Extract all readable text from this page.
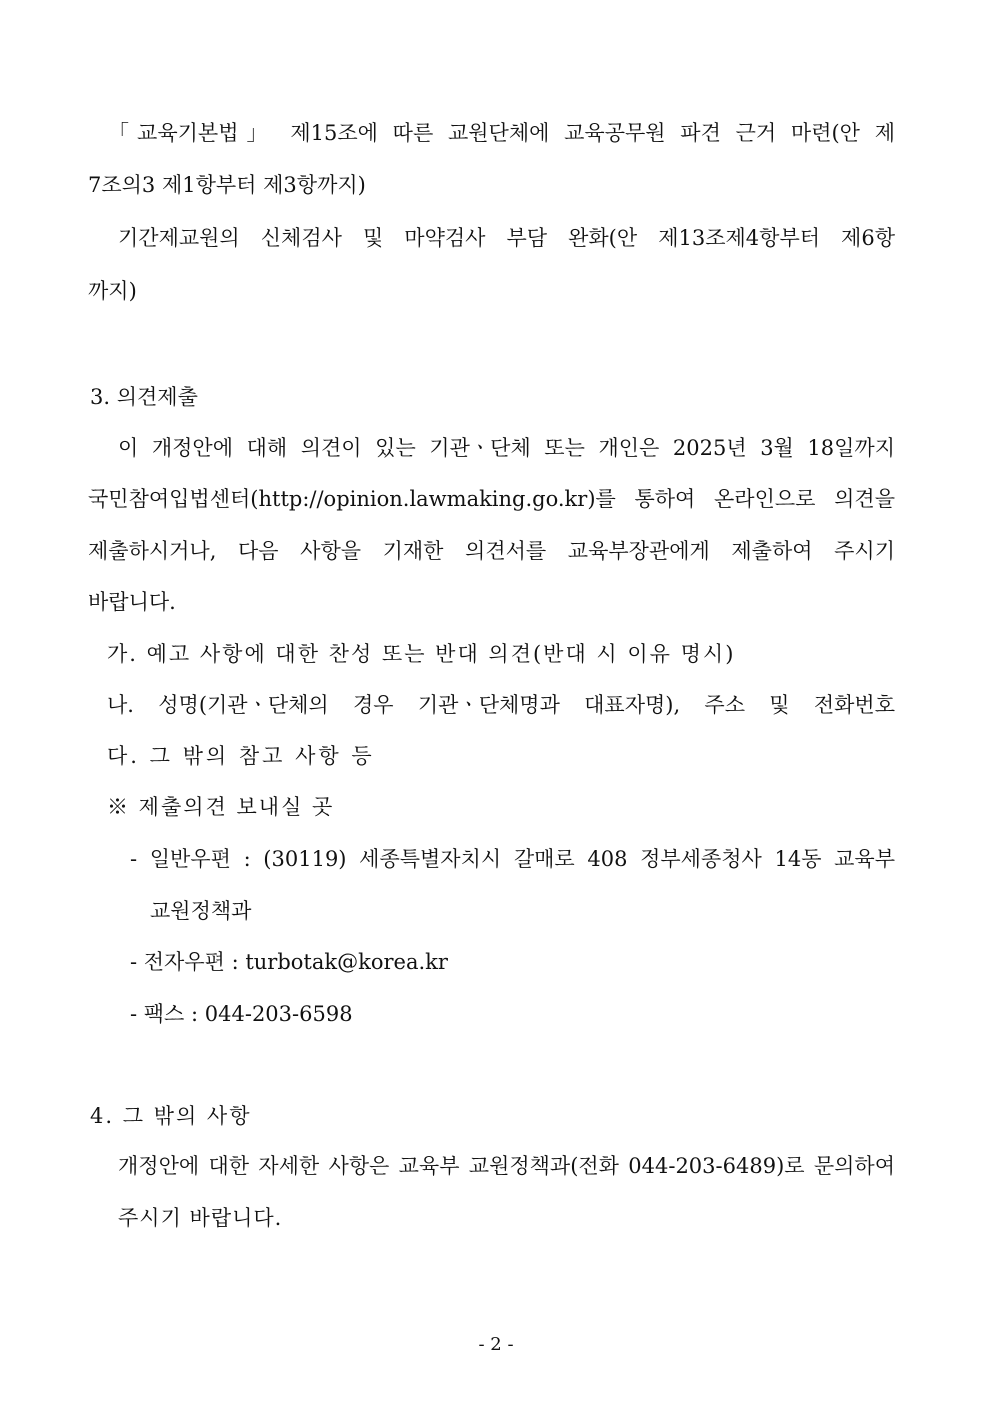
「교육기본법」 제15조에 따른 교원단체에 교육공무원 파견 근거 마련(안 제
7조의3 제1항부터 제3항까지)
기간제교원의 신체검사 및 마약검사 부담 완화(안 제13조제4항부터 제6항
까지)
3. 의견제출
이 개정안에 대해 의견이 있는 기관ㆍ단체 또는 개인은 2025년 3월 18일까지
국민참여입법센터(http://opinion.lawmaking.go.kr)를 통하여 온라인으로 의견을
제출하시거나, 다음 사항을 기재한 의견서를 교육부장관에게 제출하여 주시기
바랍니다.
가. 예고 사항에 대한 찬성 또는 반대 의견(반대 시 이유 명시)
나. 성명(기관ㆍ단체의 경우 기관ㆍ단체명과 대표자명), 주소 및 전화번호
다. 그 밖의 참고 사항 등
※ 제출의견 보내실 곳
- 일반우편 : (30119) 세종특별자치시 갈매로 408 정부세종청사 14동 교육부
교원정책과
- 전자우편 : turbotak@korea.kr
- 팩스 : 044-203-6598
4. 그 밖의 사항
개정안에 대한 자세한 사항은 교육부 교원정책과(전화 044-203-6489)로 문의하여
주시기 바랍니다.
- 2 -
